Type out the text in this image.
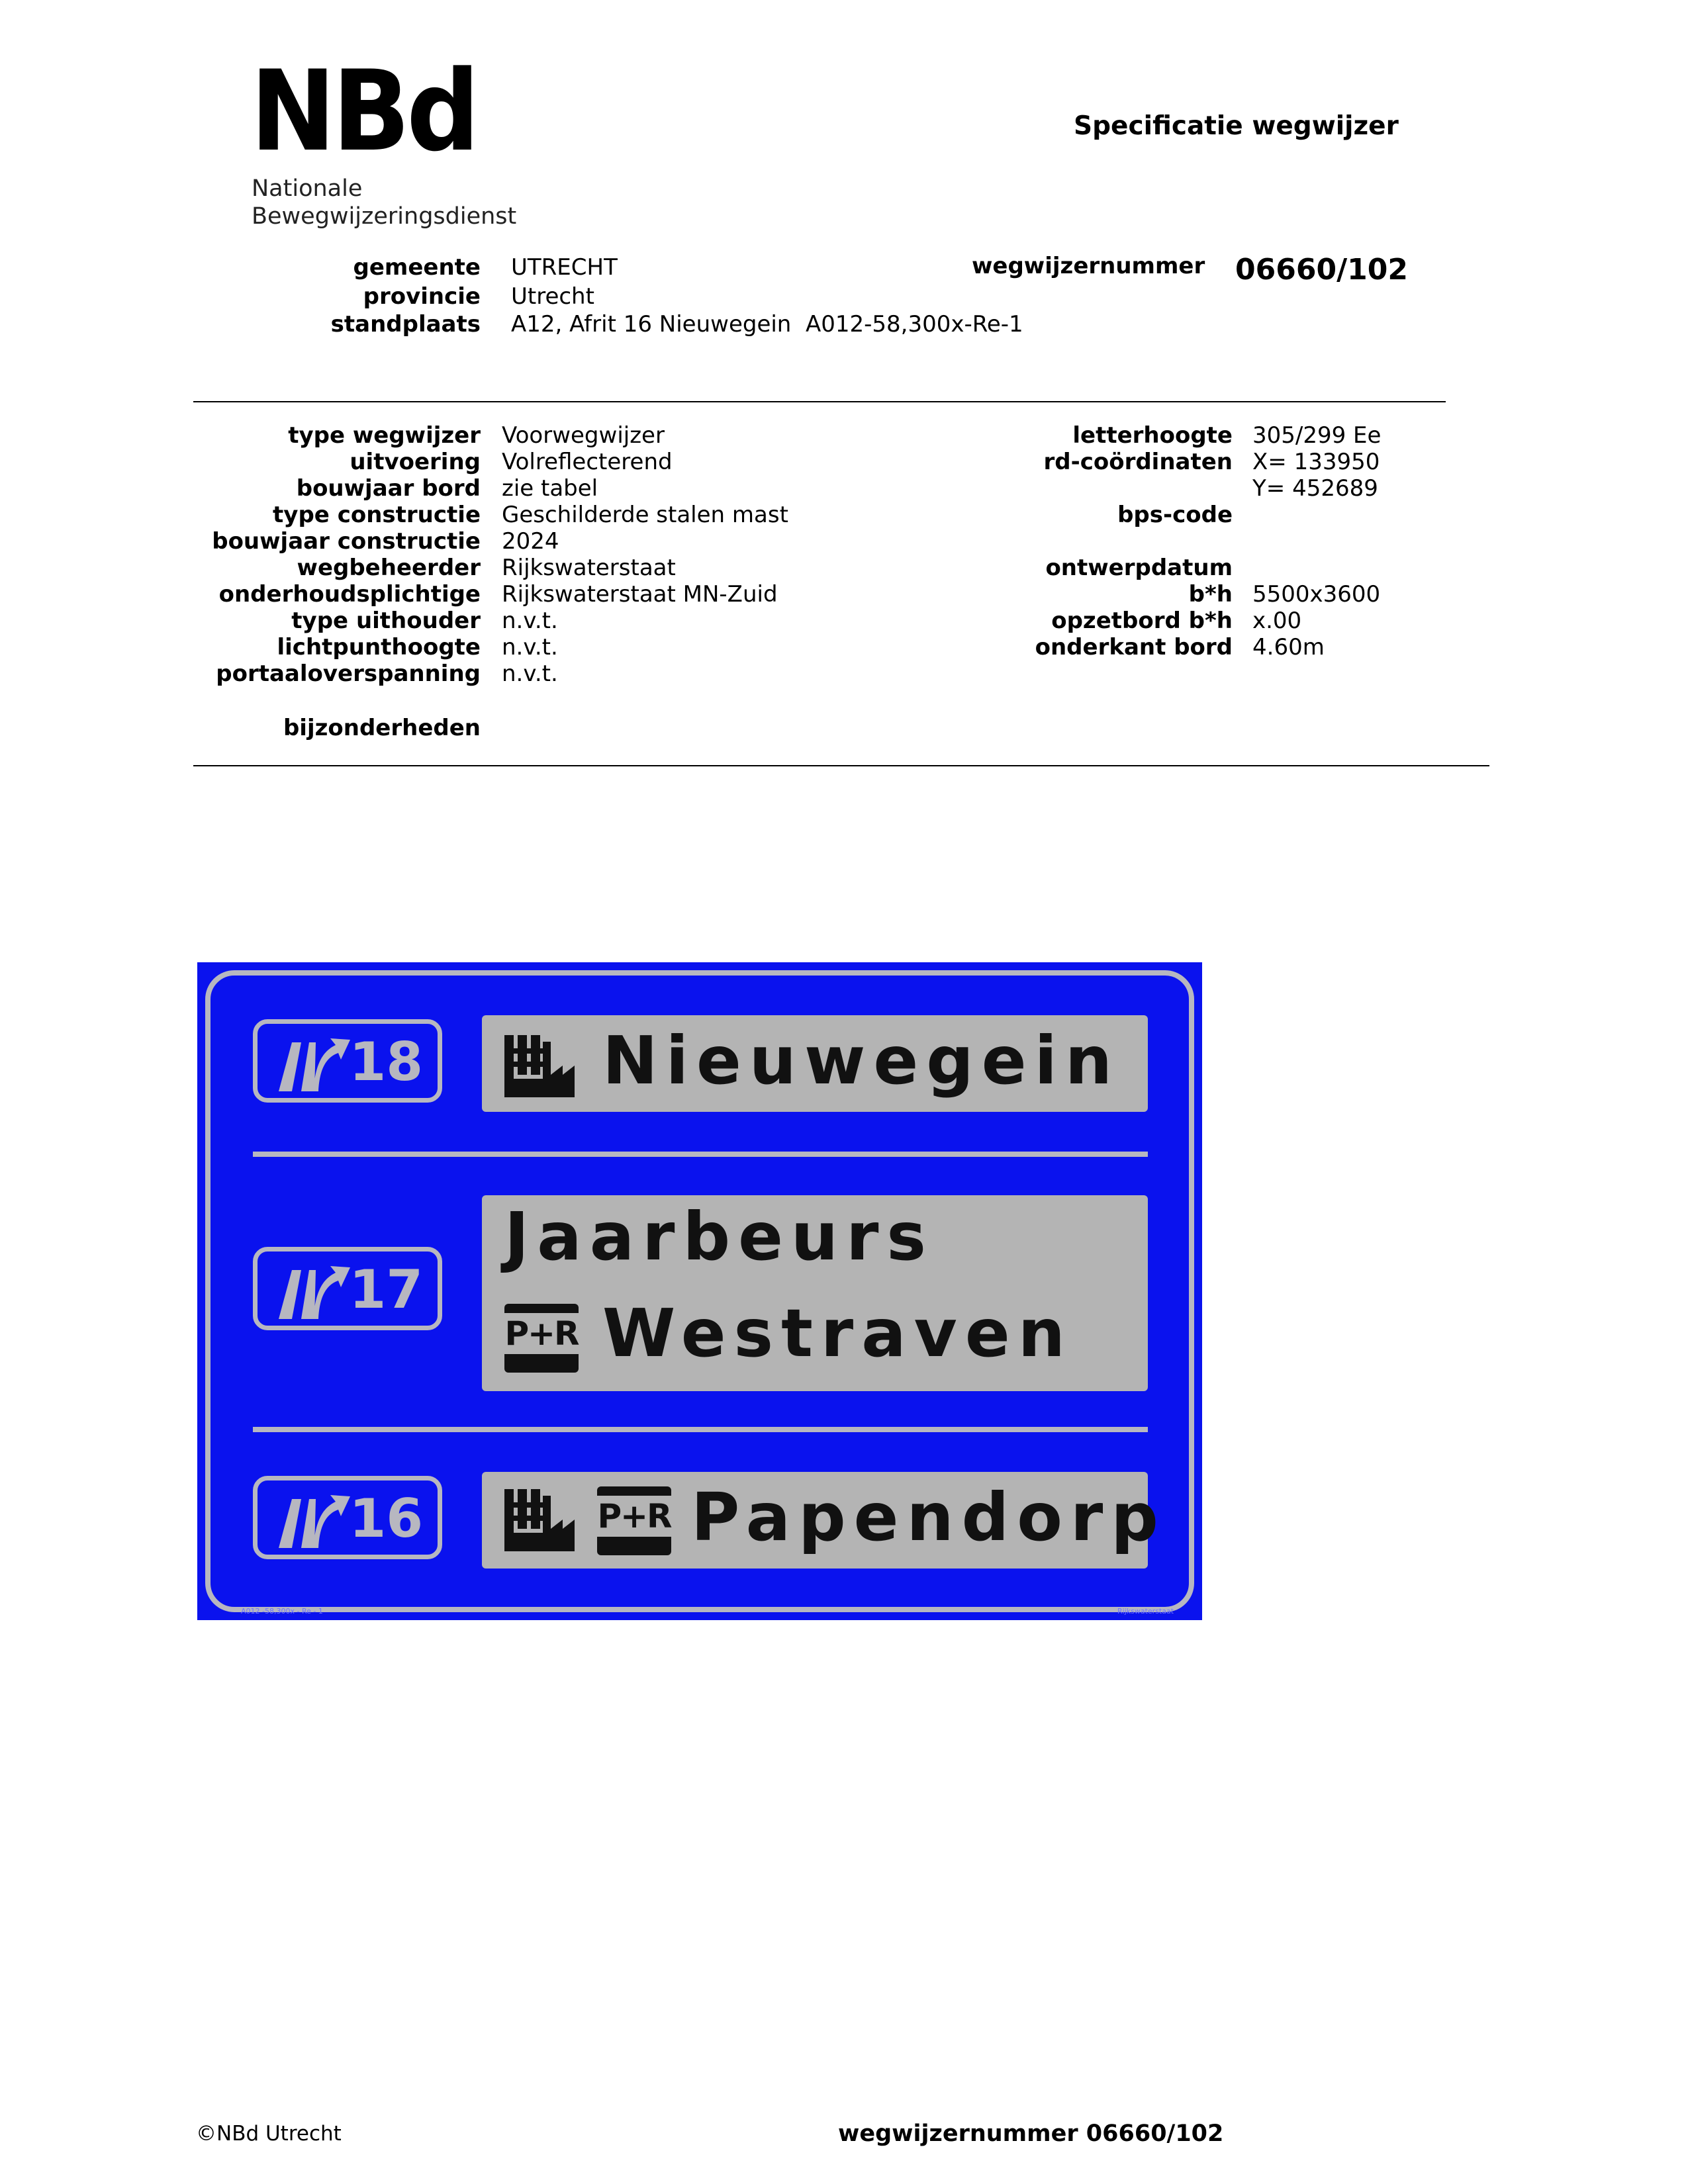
NBd
Nationale
Bewegwijzeringsdienst
Specificatie wegwijzer
gemeente UTRECHT
provincie Utrecht
standplaats A12, Afrit 16 Nieuwegein  A012-58,300x-Re-1
wegwijzernummer 06660/102
type wegwijzer Voorwegwijzer
uitvoering Volreflecterend
bouwjaar bord zie tabel
type constructie Geschilderde stalen mast
bouwjaar constructie 2024
wegbeheerder Rijkswaterstaat
onderhoudsplichtige Rijkswaterstaat MN-Zuid
type uithouder n.v.t.
lichtpunthoogte n.v.t.
portaaloverspanning n.v.t.
bijzonderheden
letterhoogte 305/299 Ee
rd-coördinaten X= 133950
Y= 452689
bps-code
ontwerpdatum
b*h 5500x3600
opzetbord b*h x.00
onderkant bord 4.60m
18	Nieuwegein
17
Jaarbeurs
P+R Westraven
16	P+R Papendorp
A012 -58,300x - Re - 1	Rijkswaterstaat
©NBd Utrecht	wegwijzernummer 06660/102
